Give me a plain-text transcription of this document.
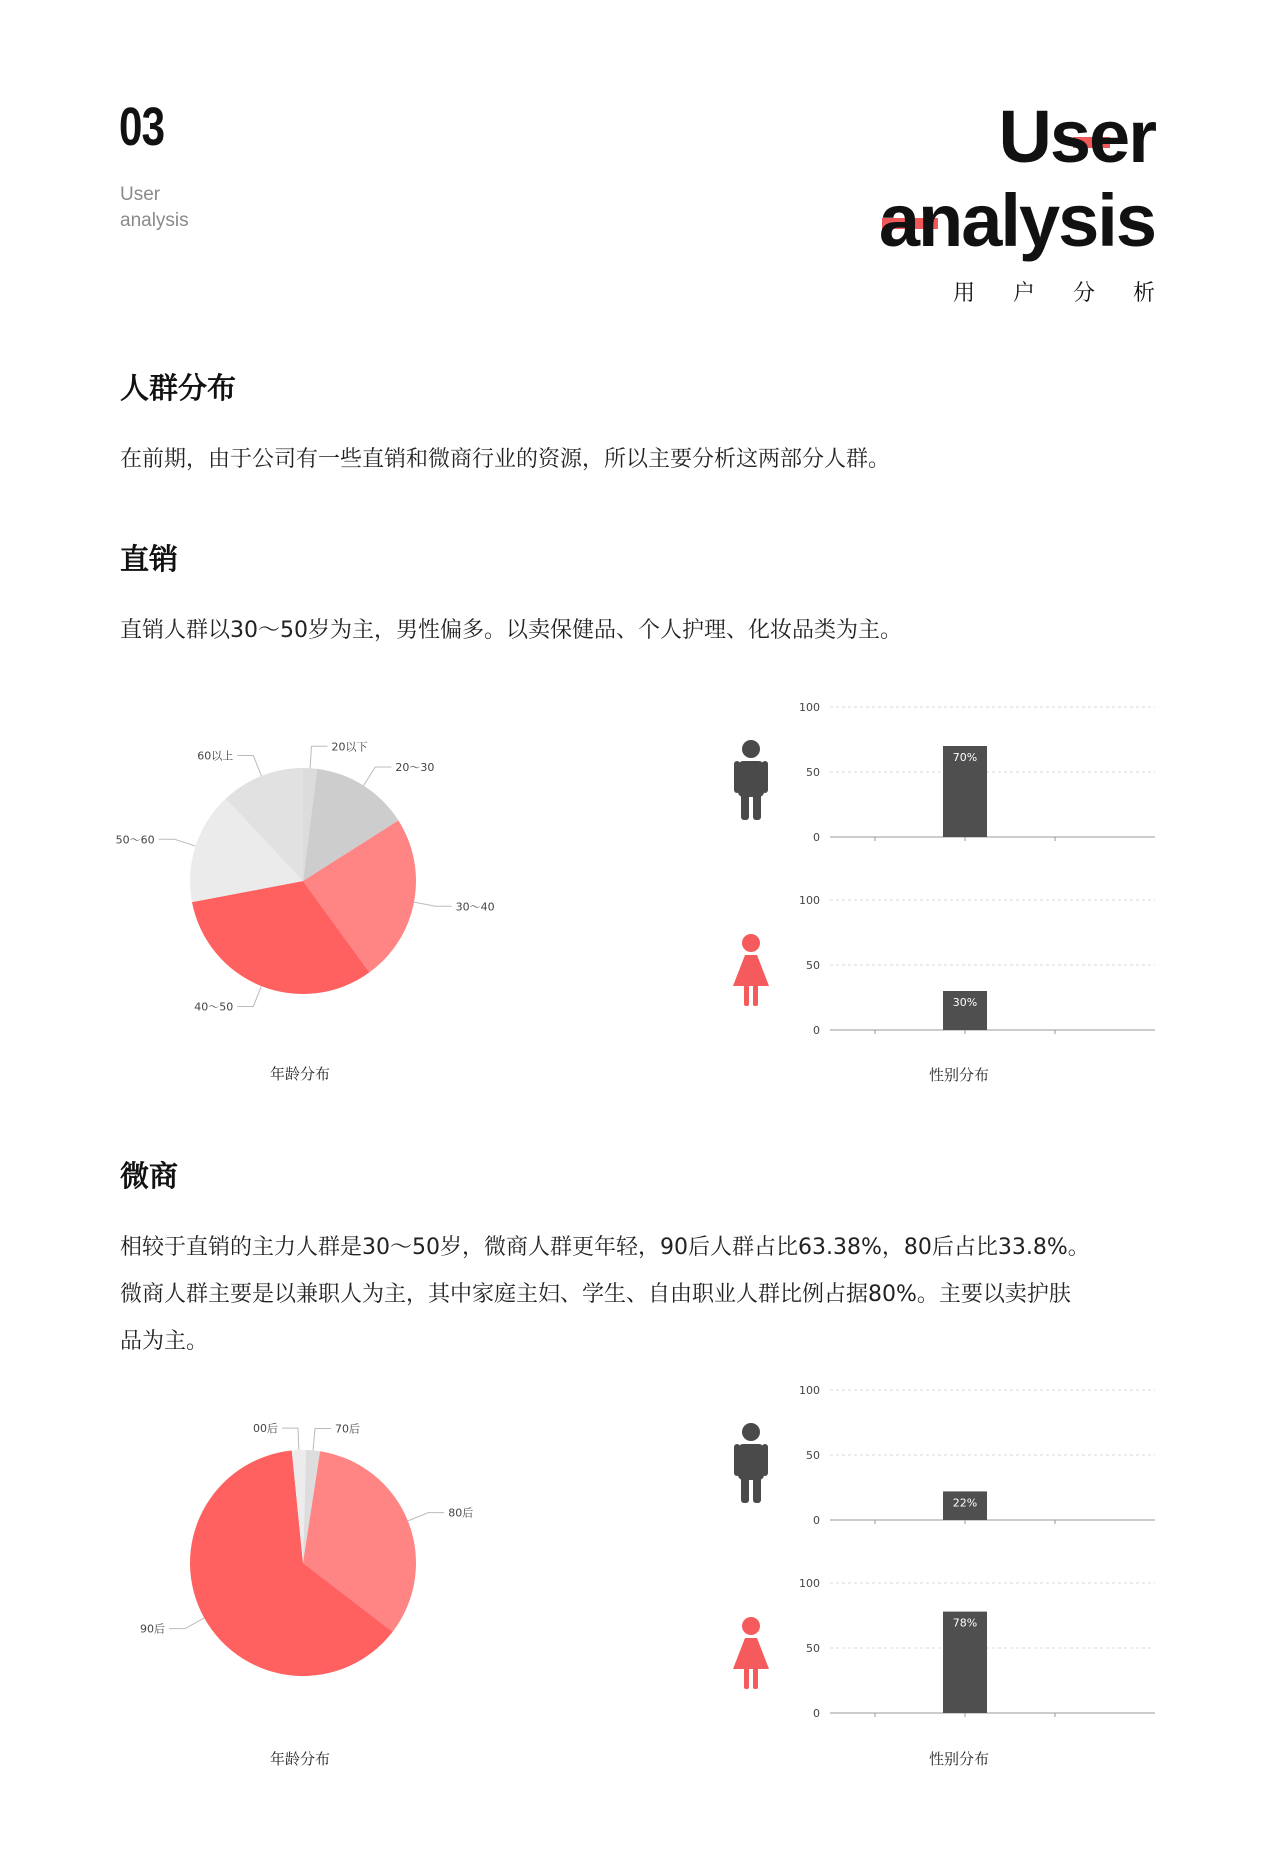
03
User
analysis
User
analysis
用户分析
人群分布
在前期，由于公司有一些直销和微商行业的资源，所以主要分析这两部分人群。
直销
直销人群以30～50岁为主，男性偏多。以卖保健品、个人护理、化妆品类为主。
20以下
20～30
30～40
40～50
50～60
60以上
0
50
100
70%
0
50
100
30%
70后
80后
90后
00后
0
50
100
22%
0
50
100
78%
年龄分布	性别分布
微商
相较于直销的主力人群是30～50岁，微商人群更年轻，90后人群占比63.38%，80后占比33.8%。
微商人群主要是以兼职人为主，其中家庭主妇、学生、自由职业人群比例占据80%。主要以卖护肤
品为主。
年龄分布	性别分布
